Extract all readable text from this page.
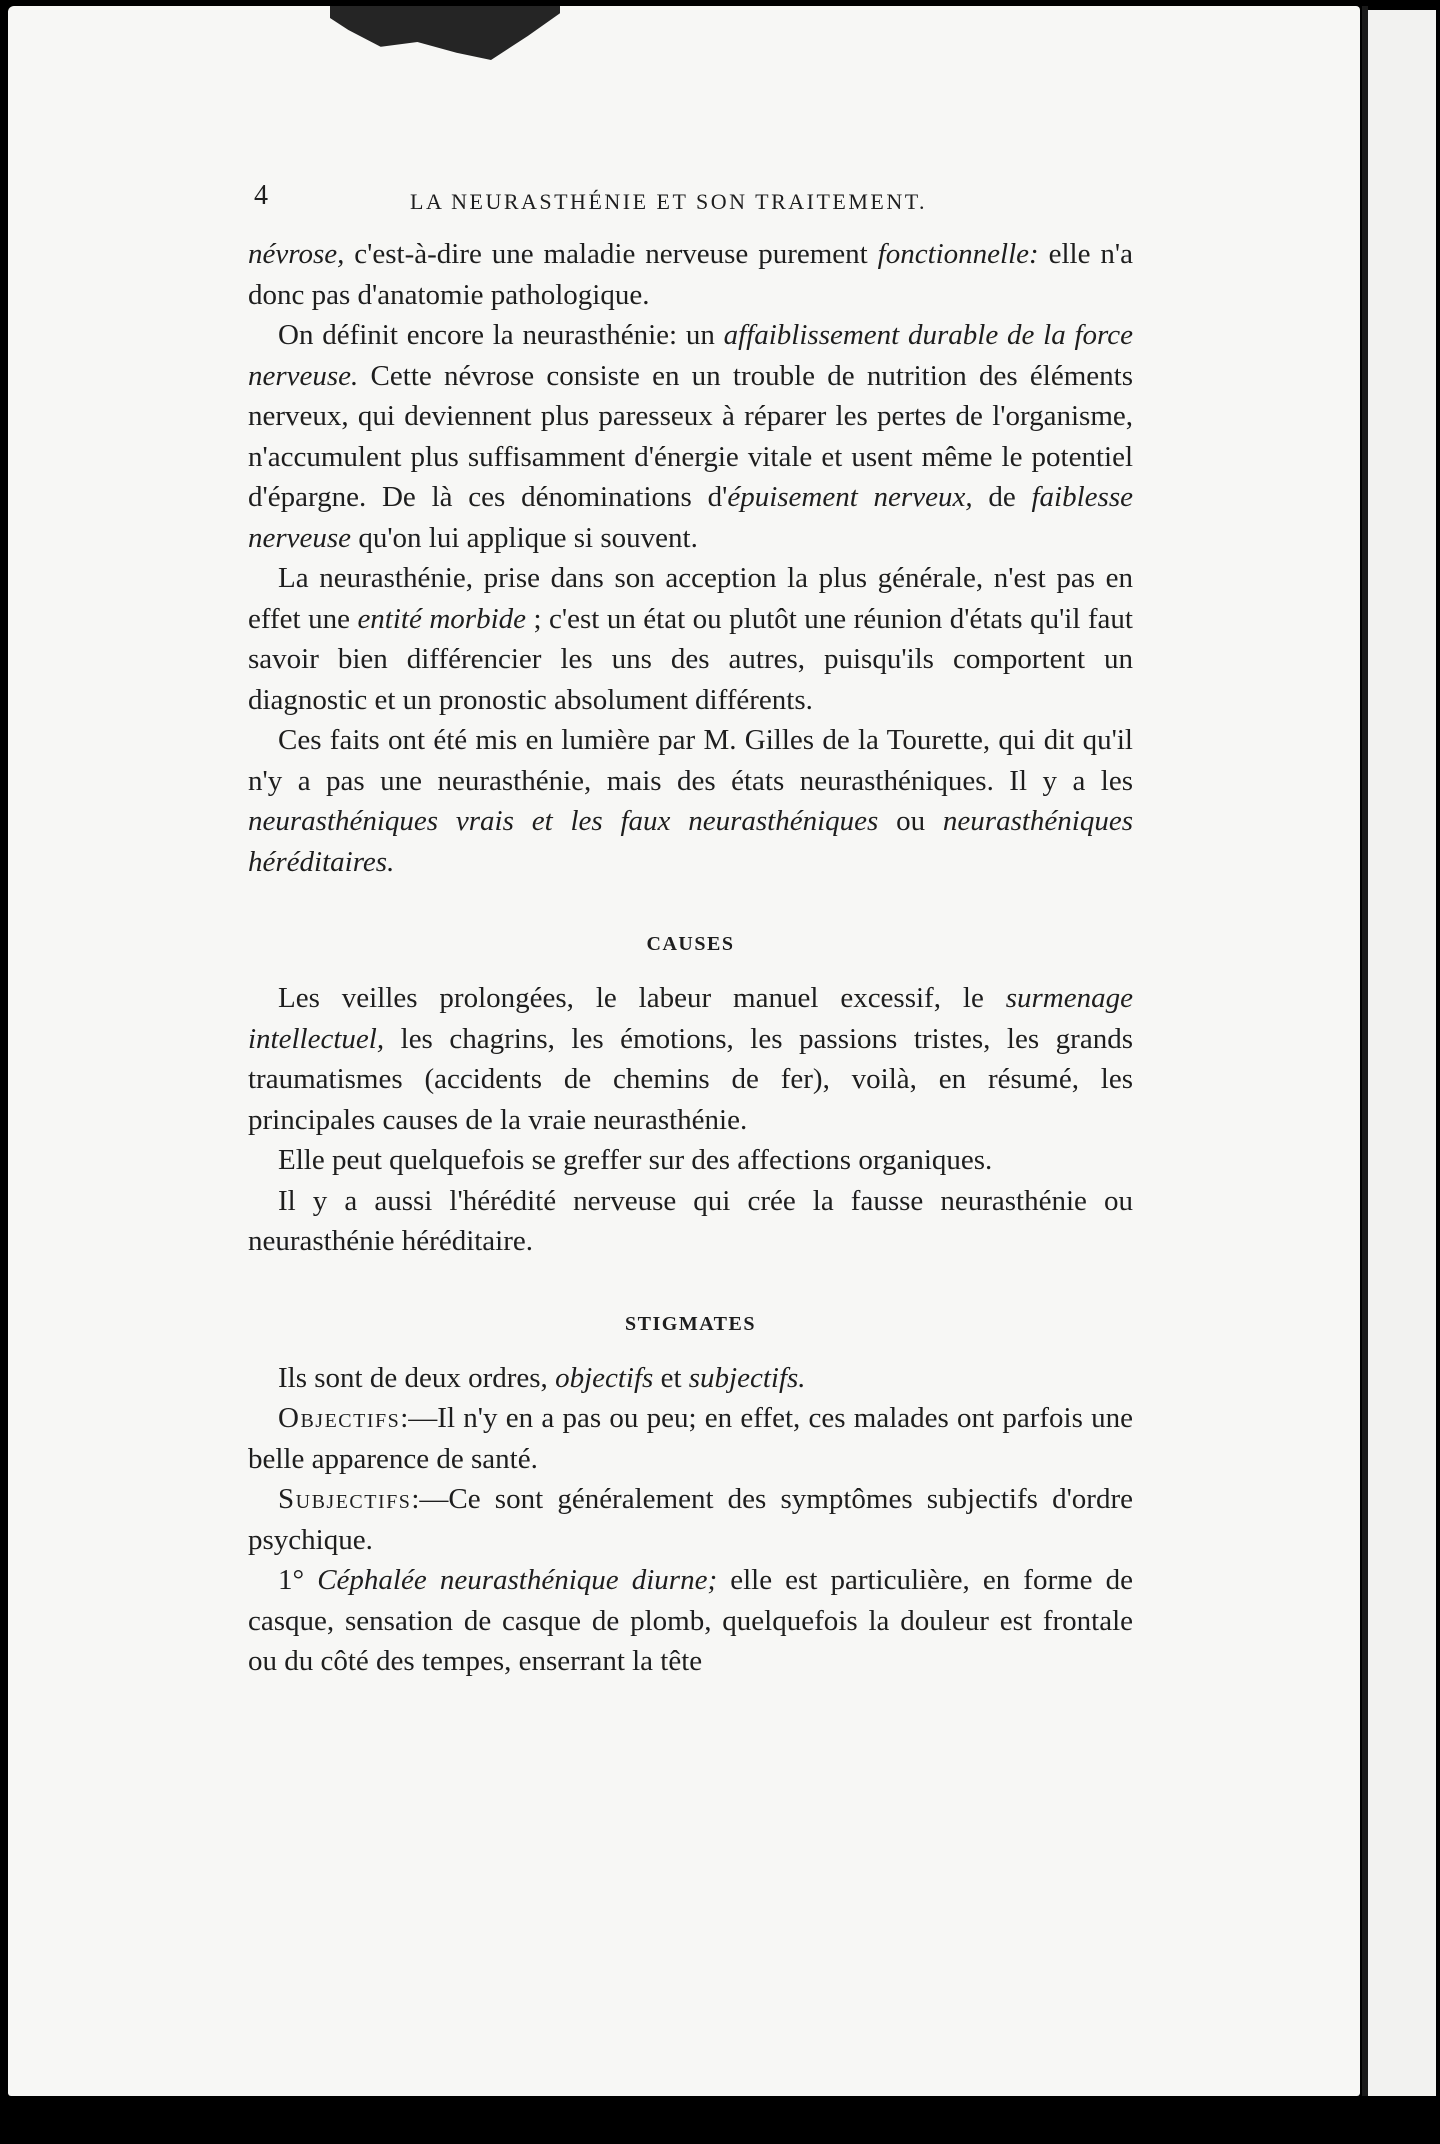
4	LA NEURASTHÉNIE ET SON TRAITEMENT.

névrose, c'est-à-dire une maladie nerveuse purement fonctionnelle: elle n'a donc pas d'anatomie pathologique.

On définit encore la neurasthénie: un affaiblissement durable de la force nerveuse. Cette névrose consiste en un trouble de nutrition des éléments nerveux, qui deviennent plus paresseux à réparer les pertes de l'organisme, n'accumulent plus suffisamment d'énergie vitale et usent même le potentiel d'épargne. De là ces dénominations d'épuisement nerveux, de faiblesse nerveuse qu'on lui applique si souvent.

La neurasthénie, prise dans son acception la plus générale, n'est pas en effet une entité morbide ; c'est un état ou plutôt une réunion d'états qu'il faut savoir bien différencier les uns des autres, puisqu'ils comportent un diagnostic et un pronostic absolument différents.

Ces faits ont été mis en lumière par M. Gilles de la Tourette, qui dit qu'il n'y a pas une neurasthénie, mais des états neurasthéniques. Il y a les neurasthéniques vrais et les faux neurasthéniques ou neurasthéniques héréditaires.

CAUSES

Les veilles prolongées, le labeur manuel excessif, le surmenage intellectuel, les chagrins, les émotions, les passions tristes, les grands traumatismes (accidents de chemins de fer), voilà, en résumé, les principales causes de la vraie neurasthénie.

Elle peut quelquefois se greffer sur des affections organiques.

Il y a aussi l'hérédité nerveuse qui crée la fausse neurasthénie ou neurasthénie héréditaire.

STIGMATES

Ils sont de deux ordres, objectifs et subjectifs.

Objectifs:—Il n'y en a pas ou peu; en effet, ces malades ont parfois une belle apparence de santé.

Subjectifs:—Ce sont généralement des symptômes subjectifs d'ordre psychique.

1° Céphalée neurasthénique diurne; elle est particulière, en forme de casque, sensation de casque de plomb, quelquefois la douleur est frontale ou du côté des tempes, enserrant la tête
